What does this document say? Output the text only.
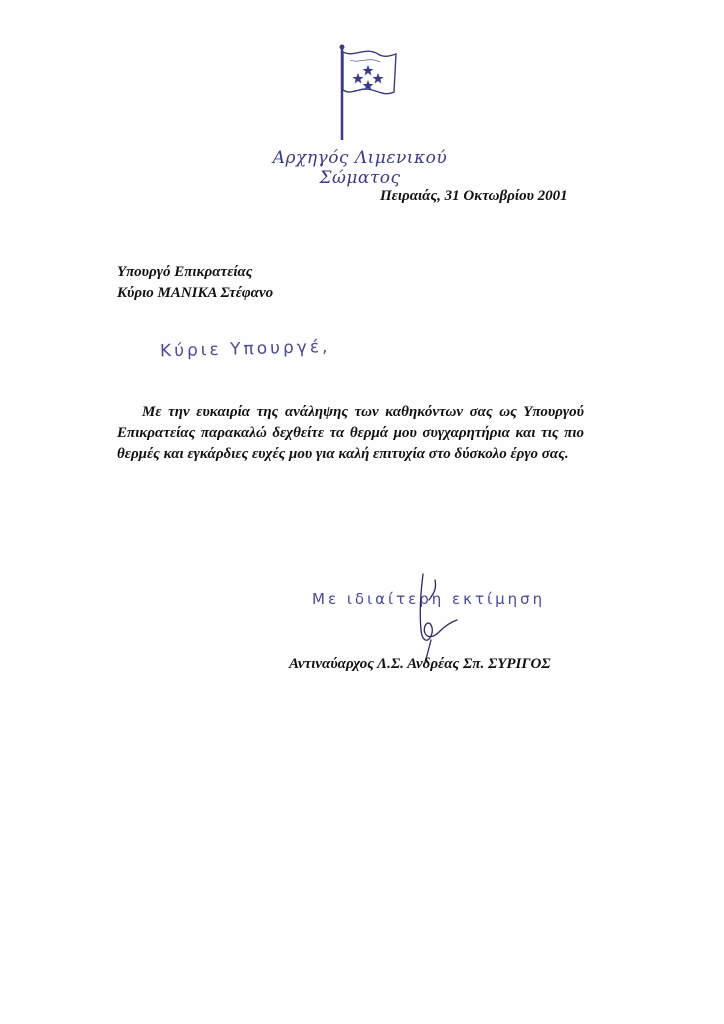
Αρχηγός Λιμενικού Σώματος
Πειραιάς, 31 Οκτωβρίου 2001
Υπουργό Επικρατείας
Κύριο ΜΑΝΙΚΑ Στέφανο
Κύριε Υπουργέ,
Με την ευκαιρία της ανάληψης των καθηκόντων σας ως Υπουργού Επικρατείας παρακαλώ δεχθείτε τα θερμά μου συγχαρητήρια και τις πιο θερμές και εγκάρδιες ευχές μου για καλή επιτυχία στο δύσκολο έργο σας.
Με ιδιαίτερη εκτίμηση
Αντιναύαρχος Λ.Σ. Ανδρέας Σπ. ΣΥΡΙΓΟΣ
